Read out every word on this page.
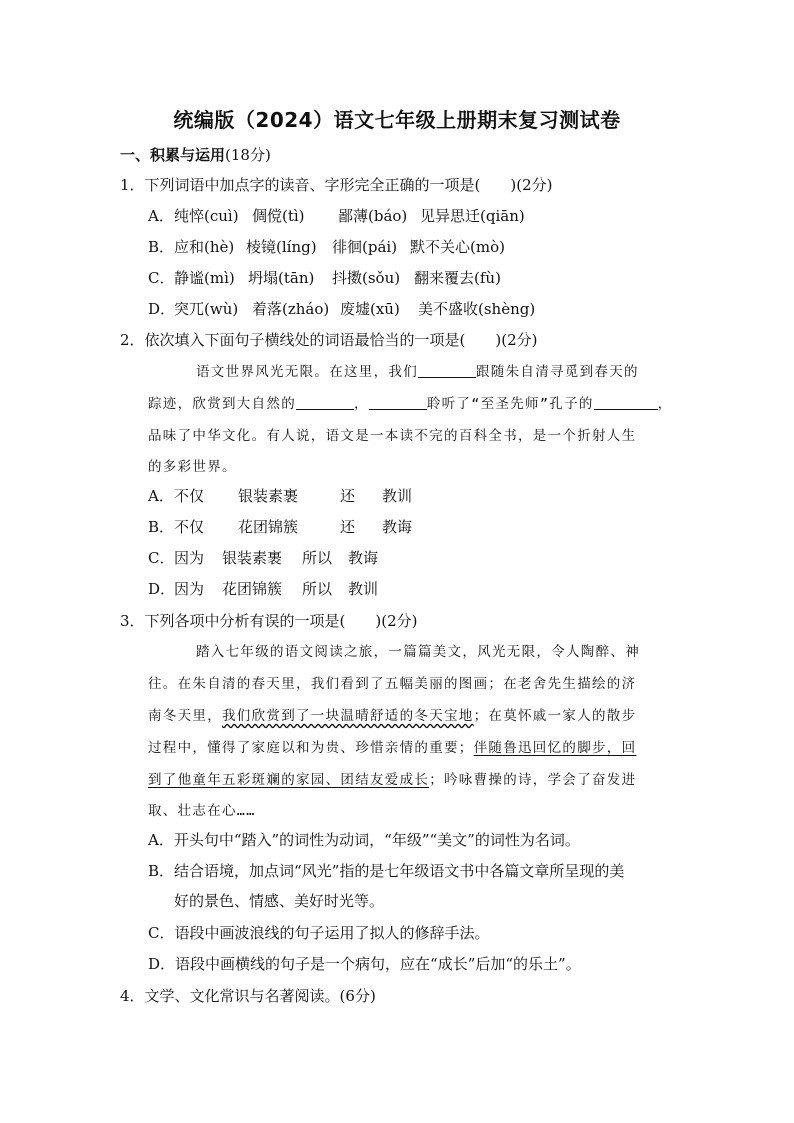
统编版（2024）语文七年级上册期末复习测试卷
一、积累与运用(18分)
1．下列词语中加点字的读音、字形完全正确的一项是(　　)(2分)
A．纯悴(cuì) 倜傥(tì) 鄙薄(báo) 见异思迁(qiān)
B．应和(hè) 棱镜(líng) 徘徊(pái) 默不关心(mò)
C．静谧(mì) 坍塌(tān) 抖擞(sǒu) 翻来覆去(fù)
D．突兀(wù) 着落(zháo) 废墟(xū) 美不盛收(shèng)
2．依次填入下面句子横线处的词语最恰当的一项是(　　)(2分)
语文世界风光无限。在这里，我们	跟随朱自清寻觅到春天的
踪迹，欣赏到大自然的	，	聆听了“至圣先师”孔子的	，
品味了中华文化。有人说，语文是一本读不完的百科全书，是一个折射人生
的多彩世界。
A．不仅 银装素裹	还 教训
B．不仅 花团锦簇	还 教诲
C．因为 银装素裹 所以 教诲
D．因为 花团锦簇 所以 教训
3．下列各项中分析有误的一项是(　　)(2分)
踏入七年级的语文阅读之旅，一篇篇美文，风光无限，令人陶醉、神
往。在朱自清的春天里，我们看到了五幅美丽的图画；在老舍先生描绘的济
南冬天里，我们欣赏到了一块温晴舒适的冬天宝地；在莫怀戚一家人的散步
过程中，懂得了家庭以和为贵、珍惜亲情的重要；伴随鲁迅回忆的脚步，回
到了他童年五彩斑斓的家园、团结友爱成长；吟咏曹操的诗，学会了奋发进
取、壮志在心……
A．开头句中“踏入”的词性为动词，“年级”“美文”的词性为名词。
B．结合语境，加点词“风光”指的是七年级语文书中各篇文章所呈现的美
好的景色、情感、美好时光等。
C．语段中画波浪线的句子运用了拟人的修辞手法。
D．语段中画横线的句子是一个病句，应在“成长”后加“的乐土”。
4．文学、文化常识与名著阅读。(6分)
